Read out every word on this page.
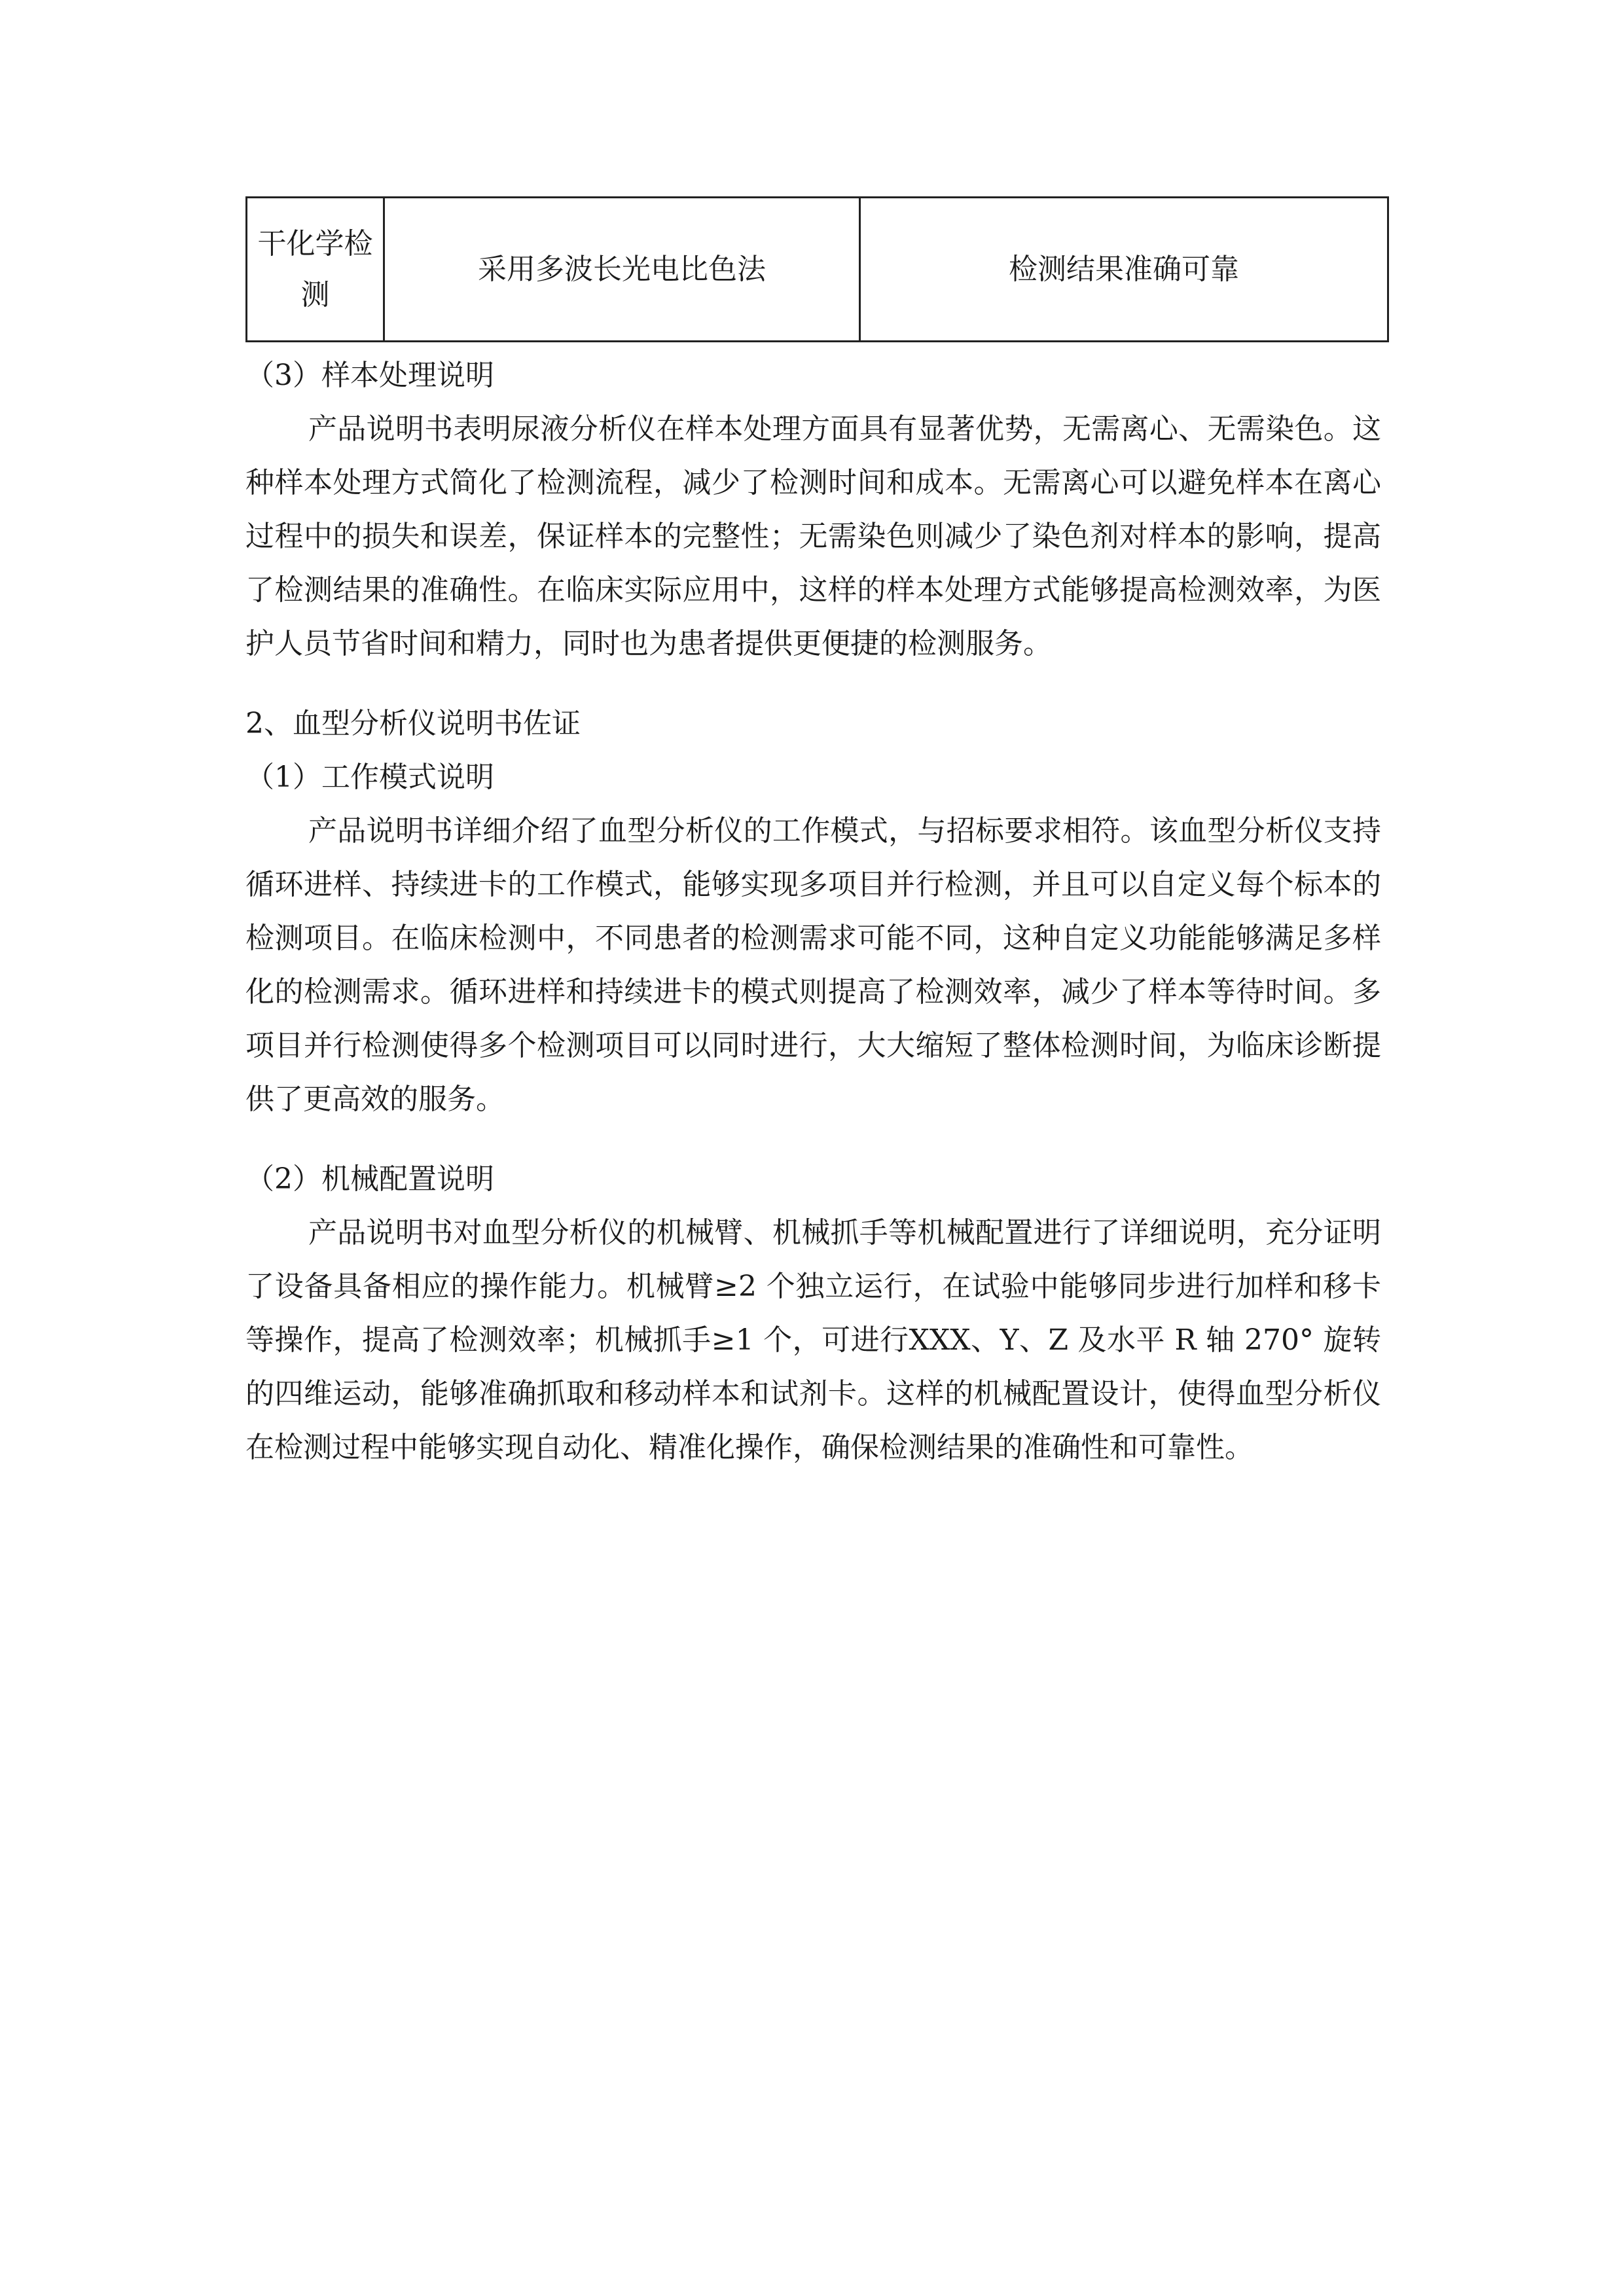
干化学检测	采用多波长光电比色法	检测结果准确可靠

（3）样本处理说明

产品说明书表明尿液分析仪在样本处理方面具有显著优势，无需离心、无需染色。这种样本处理方式简化了检测流程，减少了检测时间和成本。无需离心可以避免样本在离心过程中的损失和误差，保证样本的完整性；无需染色则减少了染色剂对样本的影响，提高了检测结果的准确性。在临床实际应用中，这样的样本处理方式能够提高检测效率，为医护人员节省时间和精力，同时也为患者提供更便捷的检测服务。

2、血型分析仪说明书佐证

（1）工作模式说明

产品说明书详细介绍了血型分析仪的工作模式，与招标要求相符。该血型分析仪支持循环进样、持续进卡的工作模式，能够实现多项目并行检测，并且可以自定义每个标本的检测项目。在临床检测中，不同患者的检测需求可能不同，这种自定义功能能够满足多样化的检测需求。循环进样和持续进卡的模式则提高了检测效率，减少了样本等待时间。多项目并行检测使得多个检测项目可以同时进行，大大缩短了整体检测时间，为临床诊断提供了更高效的服务。

（2）机械配置说明

产品说明书对血型分析仪的机械臂、机械抓手等机械配置进行了详细说明，充分证明了设备具备相应的操作能力。机械臂≥2 个独立运行，在试验中能够同步进行加样和移卡等操作，提高了检测效率；机械抓手≥1 个，可进行XXX、Y、Z 及水平 R 轴 270° 旋转的四维运动，能够准确抓取和移动样本和试剂卡。这样的机械配置设计，使得血型分析仪在检测过程中能够实现自动化、精准化操作，确保检测结果的准确性和可靠性。
